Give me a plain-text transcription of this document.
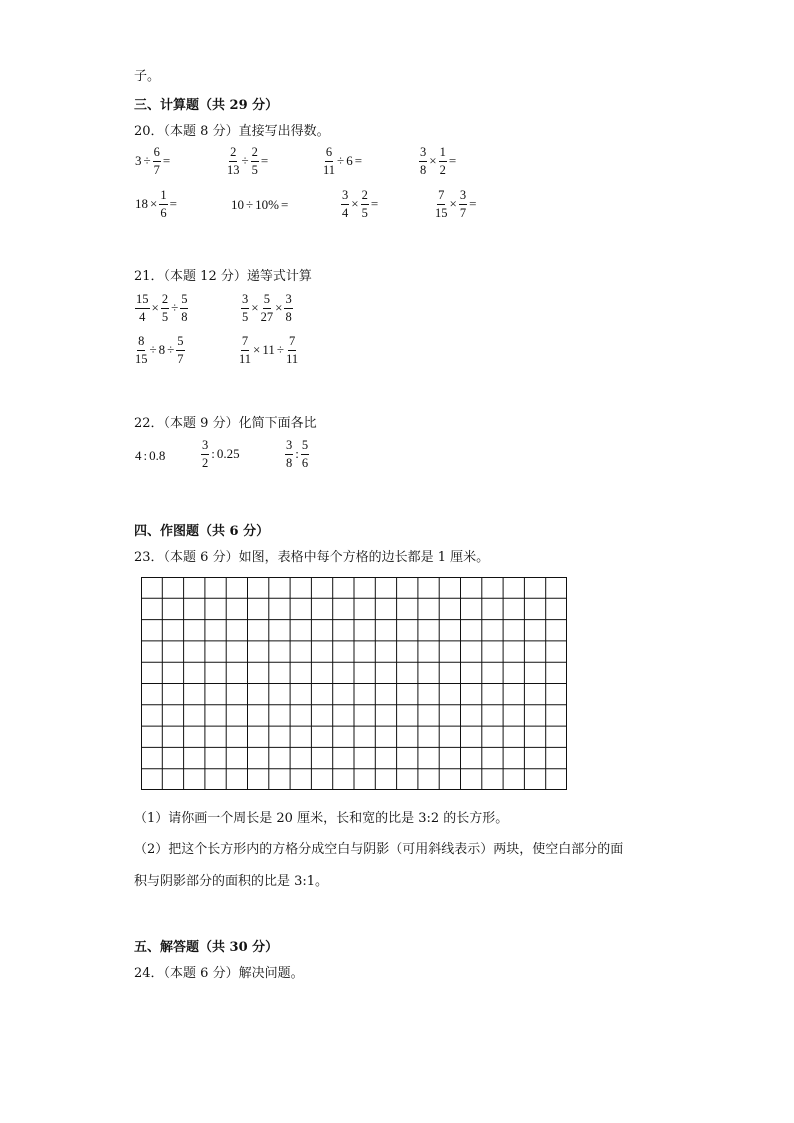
子。
三、计算题（共 29 分）
20．（本题 8 分）直接写出得数。
$3 \div \frac{6}{7}$ =	$\frac{2}{13} \div \frac{2}{5}$ =	$\frac{6}{11} \div 6$ =	$\frac{3}{8} \times \frac{1}{2}$ =
$18 \times \frac{1}{6}$ =	10 ÷ 10% =	$\frac{3}{4} \times \frac{2}{5}$ =	$\frac{7}{15} \times \frac{3}{7}$ =
21．（本题 12 分）递等式计算
$\frac{15}{4} \times \frac{2}{5} \div \frac{5}{8}$	$\frac{3}{5} \times \frac{5}{27} \times \frac{3}{8}$
$\frac{8}{15} \div 8 \div \frac{5}{7}$	$\frac{7}{11} \times 11 \div \frac{7}{11}$
22．（本题 9 分）化简下面各比
4 : 0.8	$\frac{3}{2}$ : 0.25	$\frac{3}{8}$ : $\frac{5}{6}$
四、作图题（共 6 分）
23．（本题 6 分）如图，表格中每个方格的边长都是 1 厘米。
（1）请你画一个周长是 20 厘米，长和宽的比是 3:2 的长方形。
（2）把这个长方形内的方格分成空白与阴影（可用斜线表示）两块，使空白部分的面
积与阴影部分的面积的比是 3:1。
五、解答题（共 30 分）
24．（本题 6 分）解决问题。
